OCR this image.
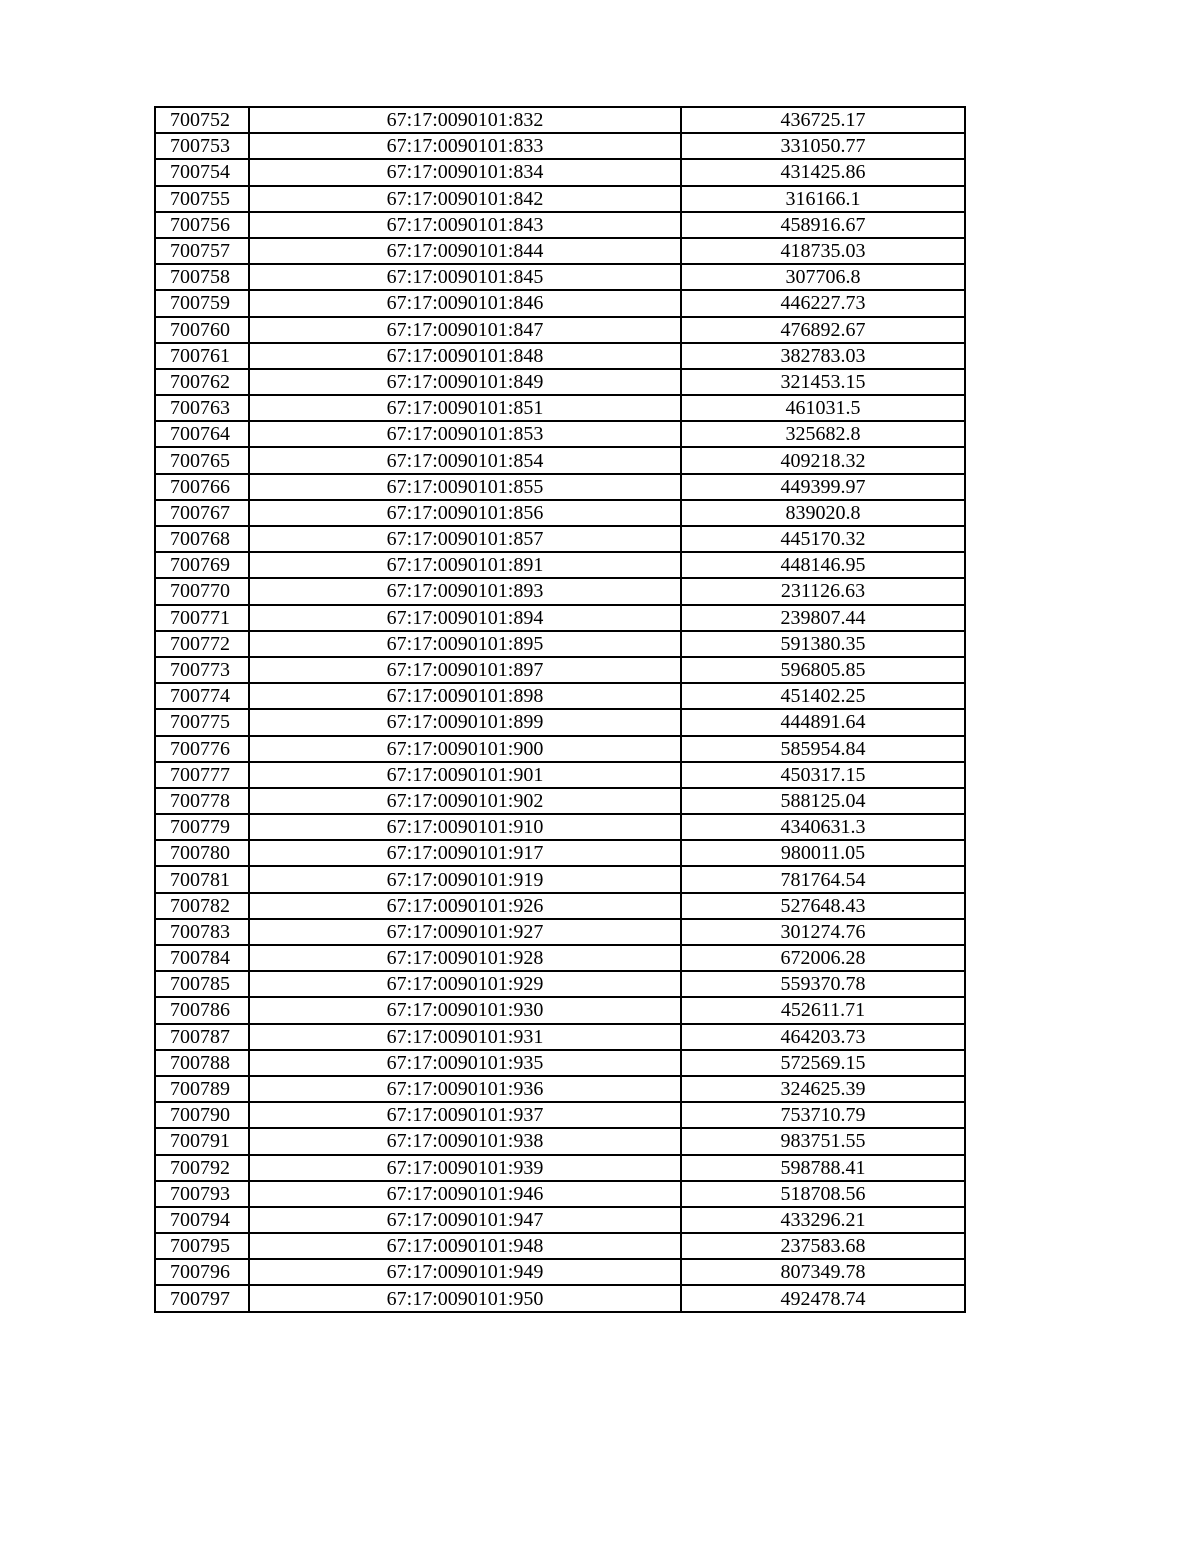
700752	67:17:0090101:832	436725.17
700753	67:17:0090101:833	331050.77
700754	67:17:0090101:834	431425.86
700755	67:17:0090101:842	316166.1
700756	67:17:0090101:843	458916.67
700757	67:17:0090101:844	418735.03
700758	67:17:0090101:845	307706.8
700759	67:17:0090101:846	446227.73
700760	67:17:0090101:847	476892.67
700761	67:17:0090101:848	382783.03
700762	67:17:0090101:849	321453.15
700763	67:17:0090101:851	461031.5
700764	67:17:0090101:853	325682.8
700765	67:17:0090101:854	409218.32
700766	67:17:0090101:855	449399.97
700767	67:17:0090101:856	839020.8
700768	67:17:0090101:857	445170.32
700769	67:17:0090101:891	448146.95
700770	67:17:0090101:893	231126.63
700771	67:17:0090101:894	239807.44
700772	67:17:0090101:895	591380.35
700773	67:17:0090101:897	596805.85
700774	67:17:0090101:898	451402.25
700775	67:17:0090101:899	444891.64
700776	67:17:0090101:900	585954.84
700777	67:17:0090101:901	450317.15
700778	67:17:0090101:902	588125.04
700779	67:17:0090101:910	4340631.3
700780	67:17:0090101:917	980011.05
700781	67:17:0090101:919	781764.54
700782	67:17:0090101:926	527648.43
700783	67:17:0090101:927	301274.76
700784	67:17:0090101:928	672006.28
700785	67:17:0090101:929	559370.78
700786	67:17:0090101:930	452611.71
700787	67:17:0090101:931	464203.73
700788	67:17:0090101:935	572569.15
700789	67:17:0090101:936	324625.39
700790	67:17:0090101:937	753710.79
700791	67:17:0090101:938	983751.55
700792	67:17:0090101:939	598788.41
700793	67:17:0090101:946	518708.56
700794	67:17:0090101:947	433296.21
700795	67:17:0090101:948	237583.68
700796	67:17:0090101:949	807349.78
700797	67:17:0090101:950	492478.74
